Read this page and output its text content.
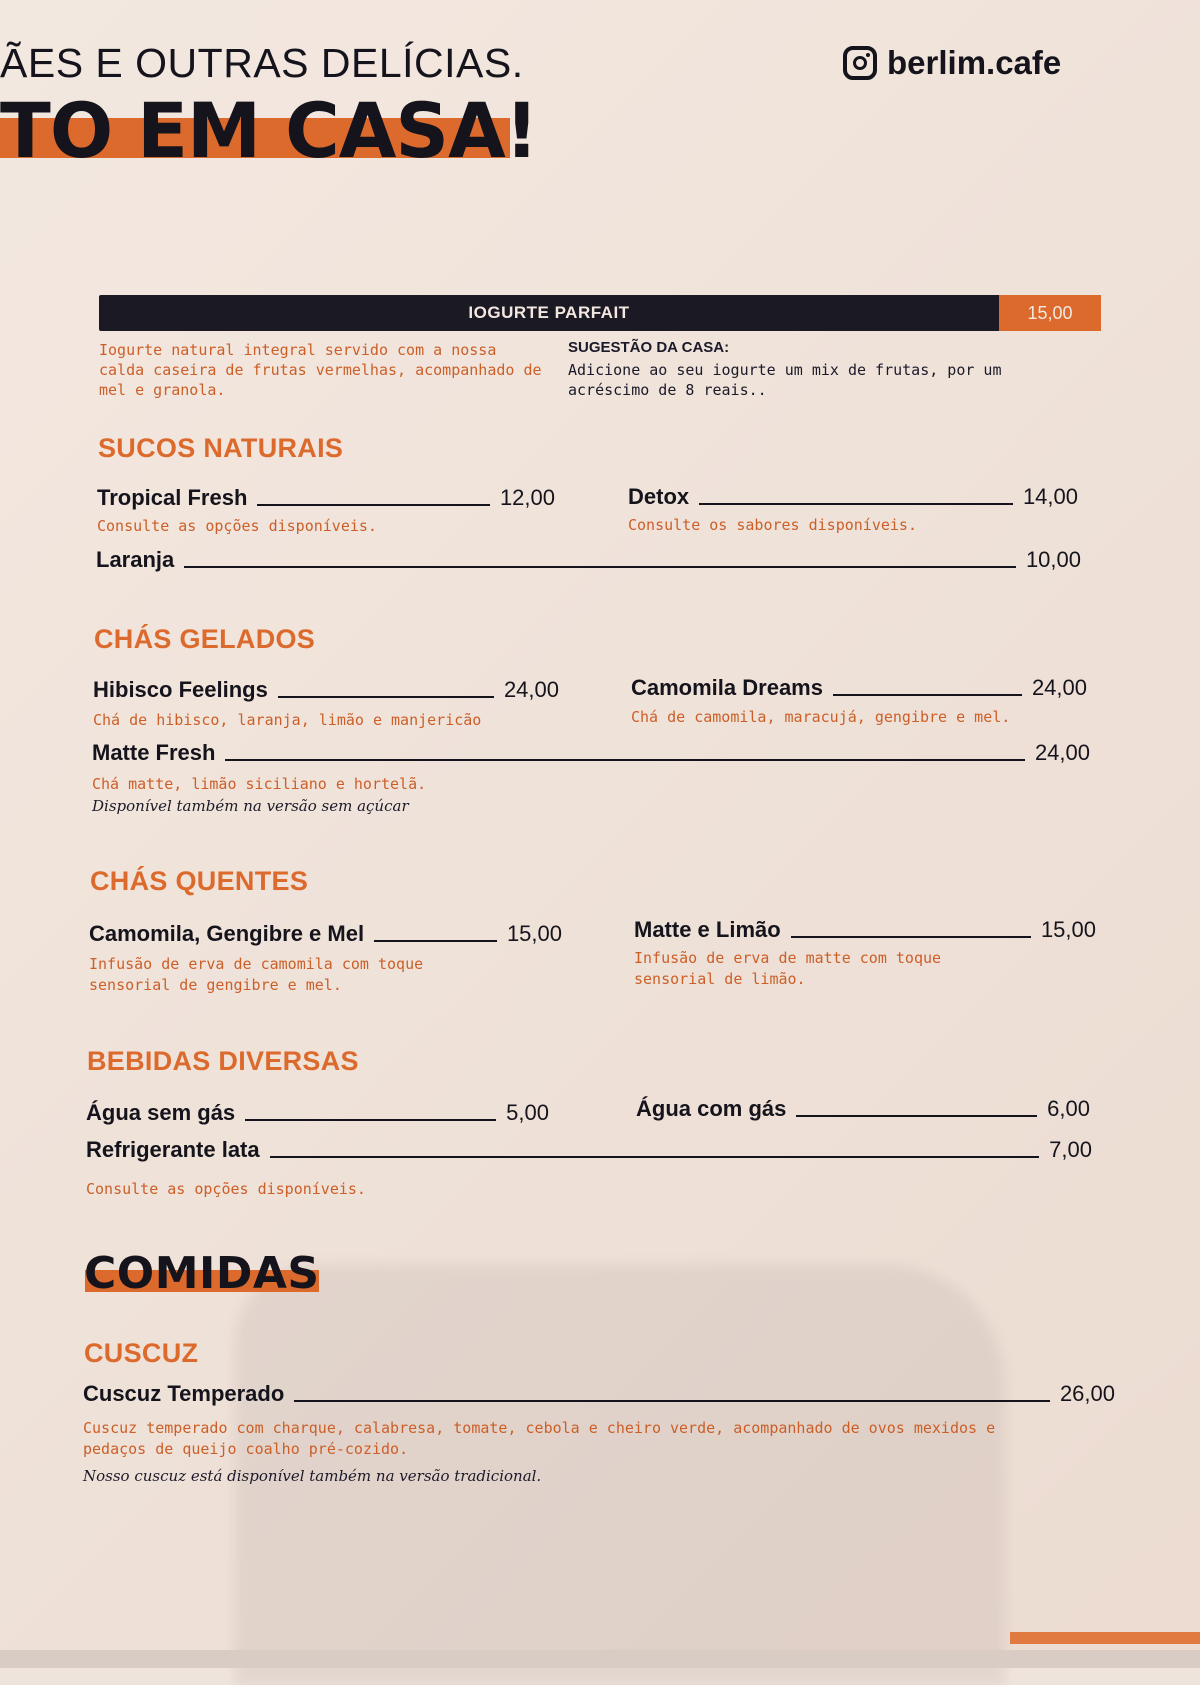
ÃES E OUTRAS DELÍCIAS.	berlim.cafe
TO EM CASA!
IOGURTE PARFAIT	15,00
Iogurte natural integral servido com a nossa calda caseira de frutas vermelhas, acompanhado de mel e granola.
SUGESTÃO DA CASA:
Adicione ao seu iogurte um mix de frutas, por um acréscimo de 8 reais..
SUCOS NATURAIS
Tropical Fresh	12,00
Consulte as opções disponíveis.
Detox	14,00
Consulte os sabores disponíveis.
Laranja	10,00
CHÁS GELADOS
Hibisco Feelings	24,00
Chá de hibisco, laranja, limão e manjericão
Camomila Dreams	24,00
Chá de camomila, maracujá, gengibre e mel.
Matte Fresh	24,00
Chá matte, limão siciliano e hortelã.
Disponível também na versão sem açúcar
CHÁS QUENTES
Camomila, Gengibre e Mel	15,00
Infusão de erva de camomila com toque sensorial de gengibre e mel.
Matte e Limão	15,00
Infusão de erva de matte com toque sensorial de limão.
BEBIDAS DIVERSAS
Água sem gás	5,00	Água com gás	6,00
Refrigerante lata	7,00
Consulte as opções disponíveis.
COMIDAS
CUSCUZ
Cuscuz Temperado	26,00
Cuscuz temperado com charque, calabresa, tomate, cebola e cheiro verde, acompanhado de ovos mexidos e pedaços de queijo coalho pré-cozido.
Nosso cuscuz está disponível também na versão tradicional.
